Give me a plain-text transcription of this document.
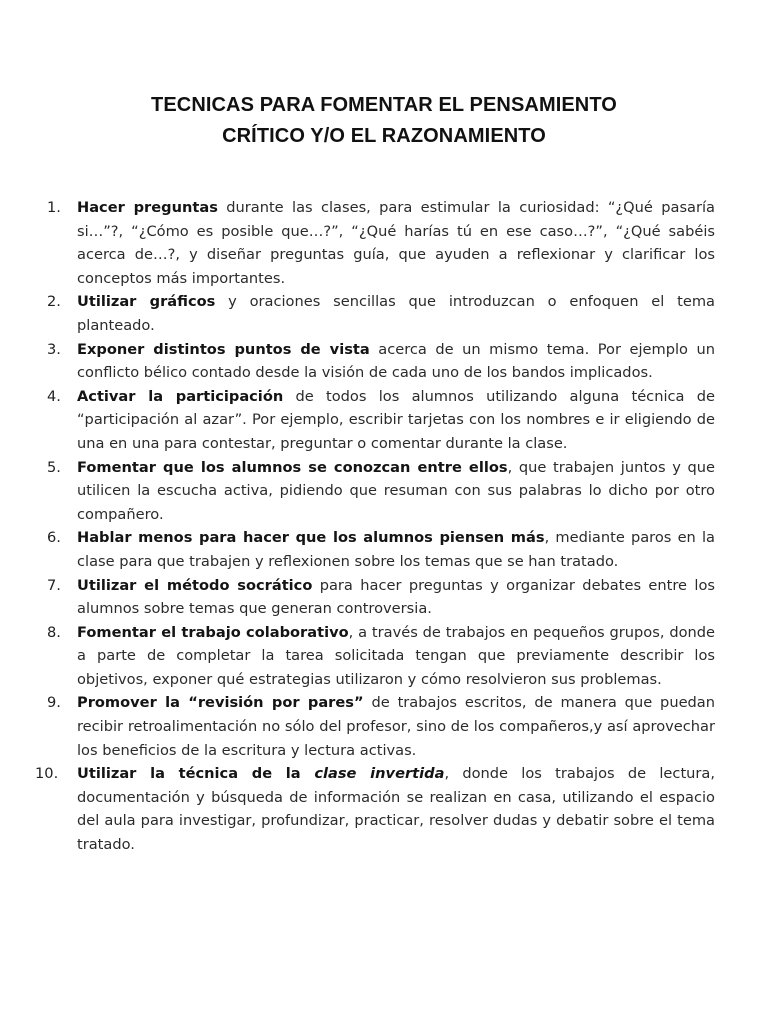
TECNICAS PARA FOMENTAR EL PENSAMIENTO
CRÍTICO Y/O EL RAZONAMIENTO
1.	Hacer preguntas durante las clases, para estimular la curiosidad: “¿Qué pasaría si…”?, “¿Cómo es posible que…?”, “¿Qué harías tú en ese caso…?”, “¿Qué sabéis acerca de…?, y diseñar preguntas guía, que ayuden a reflexionar y clarificar los conceptos más importantes.
2.	Utilizar gráficos y oraciones sencillas que introduzcan o enfoquen el tema planteado.
3.	Exponer distintos puntos de vista acerca de un mismo tema. Por ejemplo un conflicto bélico contado desde la visión de cada uno de los bandos implicados.
4.	Activar la participación de todos los alumnos utilizando alguna técnica de “participación al azar”. Por ejemplo, escribir tarjetas con los nombres e ir eligiendo de una en una para contestar, preguntar o comentar durante la clase.
5.	Fomentar que los alumnos se conozcan entre ellos, que trabajen juntos y que utilicen la escucha activa, pidiendo que resuman con sus palabras lo dicho por otro compañero.
6.	Hablar menos para hacer que los alumnos piensen más, mediante paros en la clase para que trabajen y reflexionen sobre los temas que se han tratado.
7.	Utilizar el método socrático para hacer preguntas y organizar debates entre los alumnos sobre temas que generan controversia.
8.	Fomentar el trabajo colaborativo, a través de trabajos en pequeños grupos, donde a parte de completar la tarea solicitada tengan que previamente describir los objetivos, exponer qué estrategias utilizaron y cómo resolvieron sus problemas.
9.	Promover la “revisión por pares” de trabajos escritos, de manera que puedan recibir retroalimentación no sólo del profesor, sino de los compañeros,y así aprovechar los beneficios de la escritura y lectura activas.
10.	Utilizar la técnica de la clase invertida, donde los trabajos de lectura, documentación y búsqueda de información se realizan en casa, utilizando el espacio del aula para investigar, profundizar, practicar, resolver dudas y debatir sobre el tema tratado.
